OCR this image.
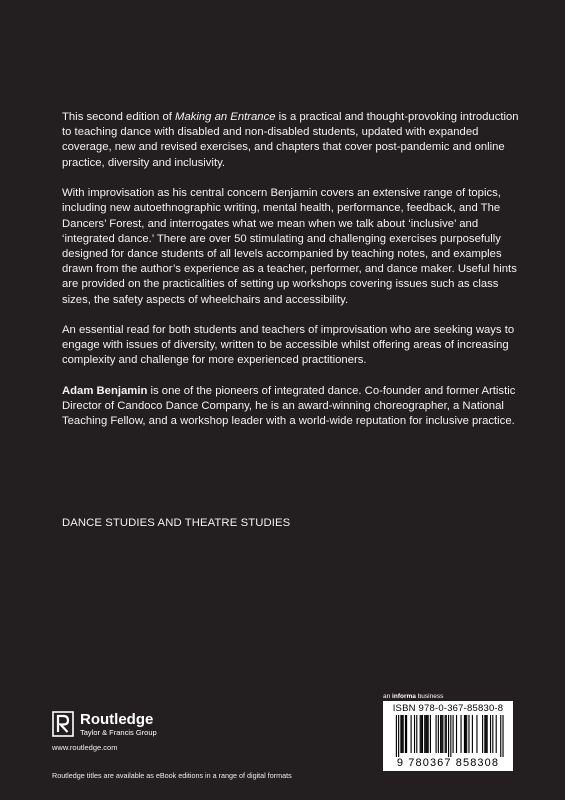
This second edition of Making an Entrance is a practical and thought-provoking introduction to teaching dance with disabled and non-disabled students, updated with expanded coverage, new and revised exercises, and chapters that cover post-pandemic and online practice, diversity and inclusivity.

With improvisation as his central concern Benjamin covers an extensive range of topics, including new autoethnographic writing, mental health, performance, feedback, and The Dancers’ Forest, and interrogates what we mean when we talk about ‘inclusive’ and ‘integrated dance.’ There are over 50 stimulating and challenging exercises purposefully designed for dance students of all levels accompanied by teaching notes, and examples drawn from the author’s experience as a teacher, performer, and dance maker. Useful hints are provided on the practicalities of setting up workshops covering issues such as class sizes, the safety aspects of wheelchairs and accessibility.

An essential read for both students and teachers of improvisation who are seeking ways to engage with issues of diversity, written to be accessible whilst offering areas of increasing complexity and challenge for more experienced practitioners.

Adam Benjamin is one of the pioneers of integrated dance. Co-founder and former Artistic Director of Candoco Dance Company, he is an award-winning choreographer, a National Teaching Fellow, and a workshop leader with a world-wide reputation for inclusive practice.

DANCE STUDIES AND THEATRE STUDIES
Routledge
Taylor & Francis Group
www.routledge.com
Routledge titles are available as eBook editions in a range of digital formats
an informa business
ISBN 978-0-367-85830-8
9 780367 858308
